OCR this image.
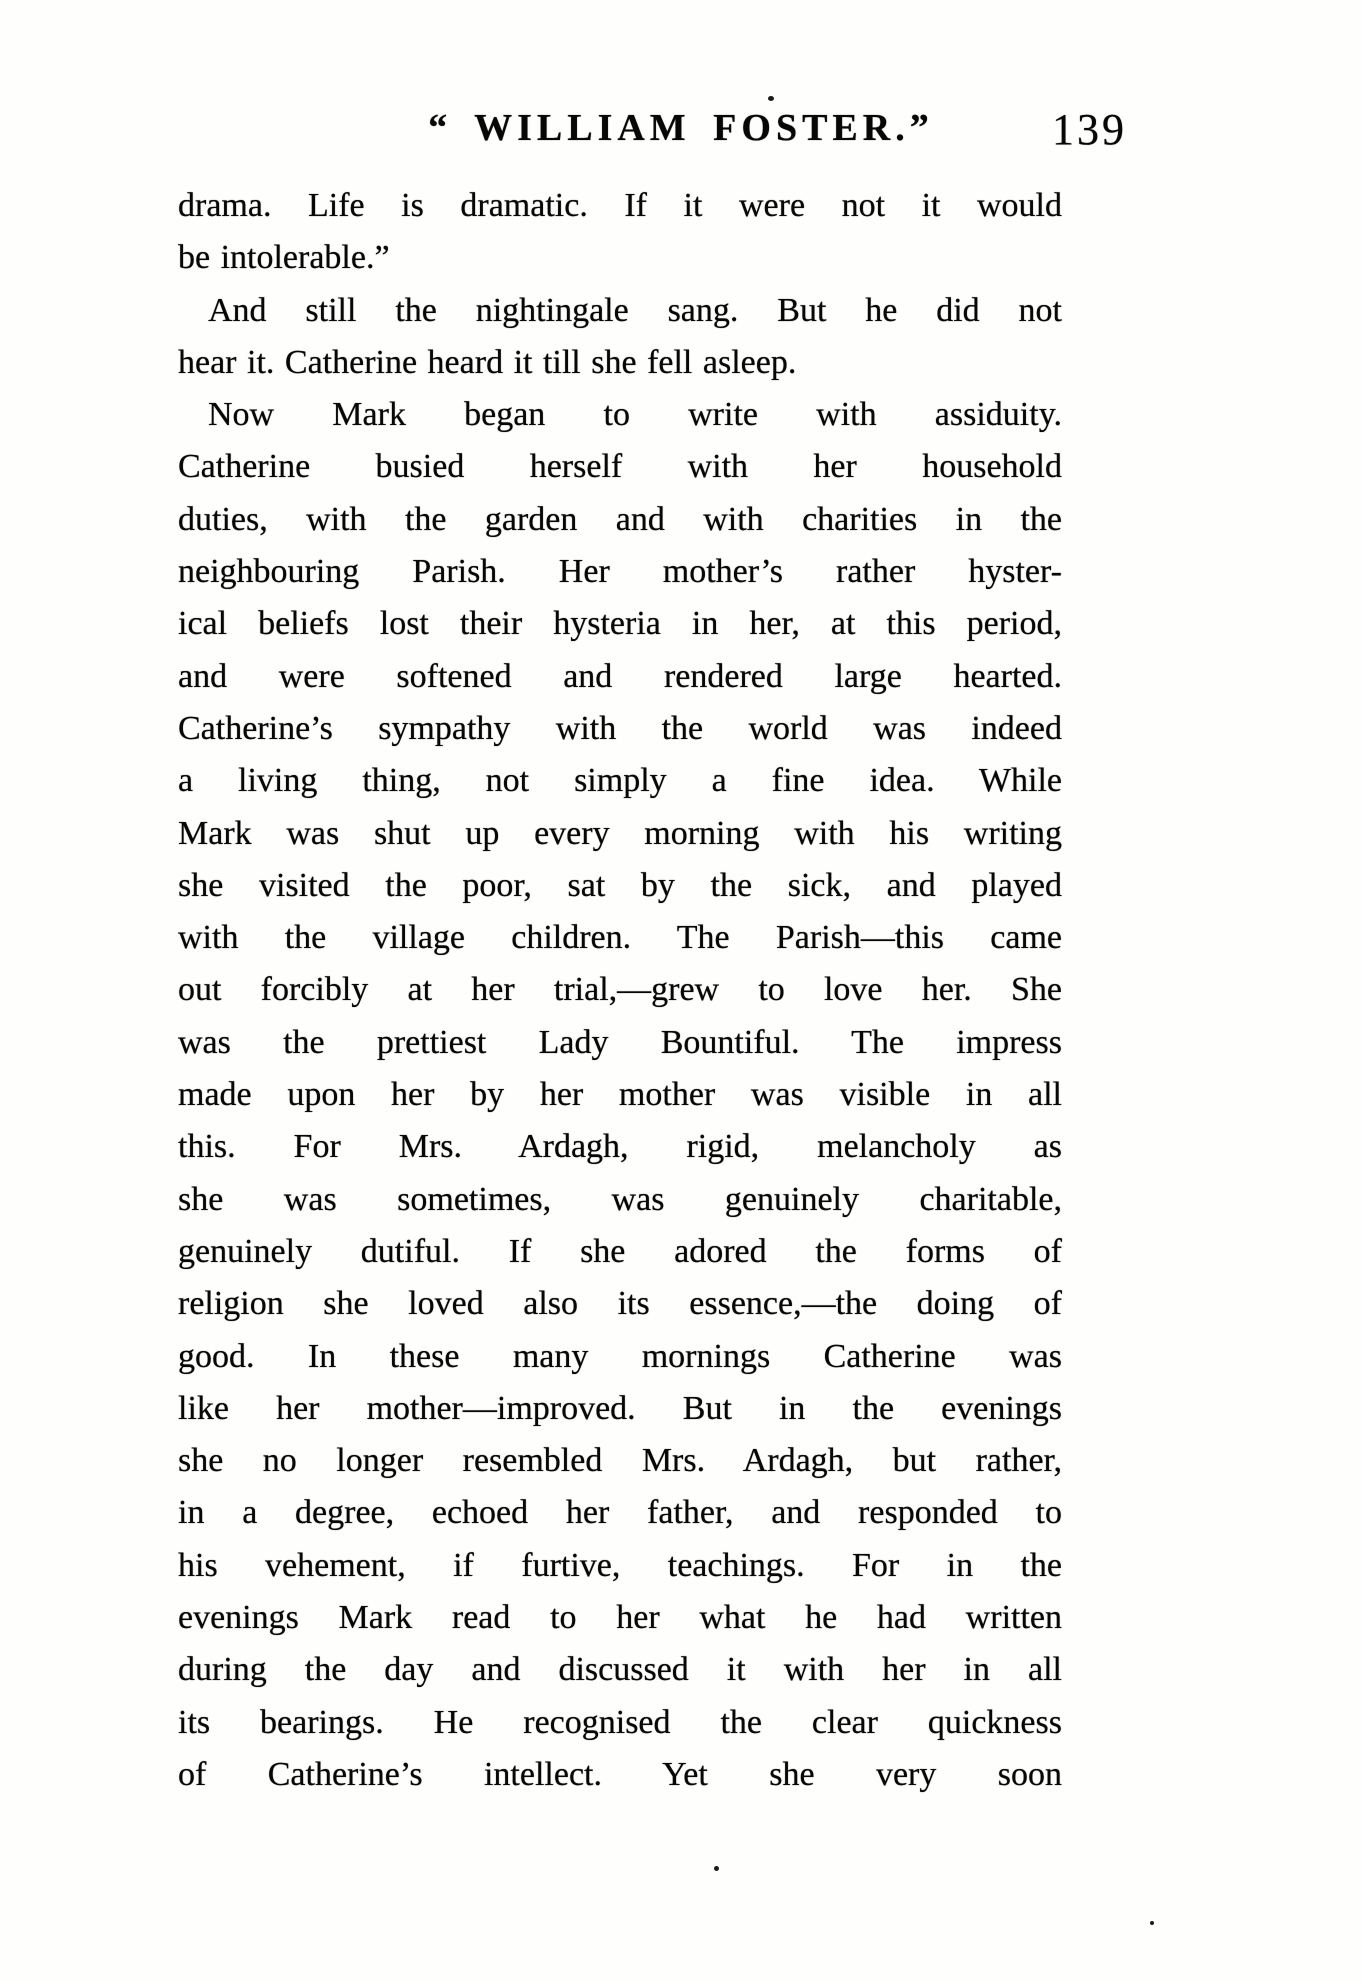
“ WILLIAM FOSTER.”	139
drama. Life is dramatic. If it were not it would
be intolerable.”
And still the nightingale sang. But he did not
hear it. Catherine heard it till she fell asleep.
Now Mark began to write with assiduity.
Catherine busied herself with her household
duties, with the garden and with charities in the
neighbouring Parish. Her mother’s rather hyster-
ical beliefs lost their hysteria in her, at this period,
and were softened and rendered large hearted.
Catherine’s sympathy with the world was indeed
a living thing, not simply a fine idea. While
Mark was shut up every morning with his writing
she visited the poor, sat by the sick, and played
with the village children. The Parish—this came
out forcibly at her trial,—grew to love her. She
was the prettiest Lady Bountiful. The impress
made upon her by her mother was visible in all
this. For Mrs. Ardagh, rigid, melancholy as
she was sometimes, was genuinely charitable,
genuinely dutiful. If she adored the forms of
religion she loved also its essence,—the doing of
good. In these many mornings Catherine was
like her mother—improved. But in the evenings
she no longer resembled Mrs. Ardagh, but rather,
in a degree, echoed her father, and responded to
his vehement, if furtive, teachings. For in the
evenings Mark read to her what he had written
during the day and discussed it with her in all
its bearings. He recognised the clear quickness
of Catherine’s intellect. Yet she very soon
